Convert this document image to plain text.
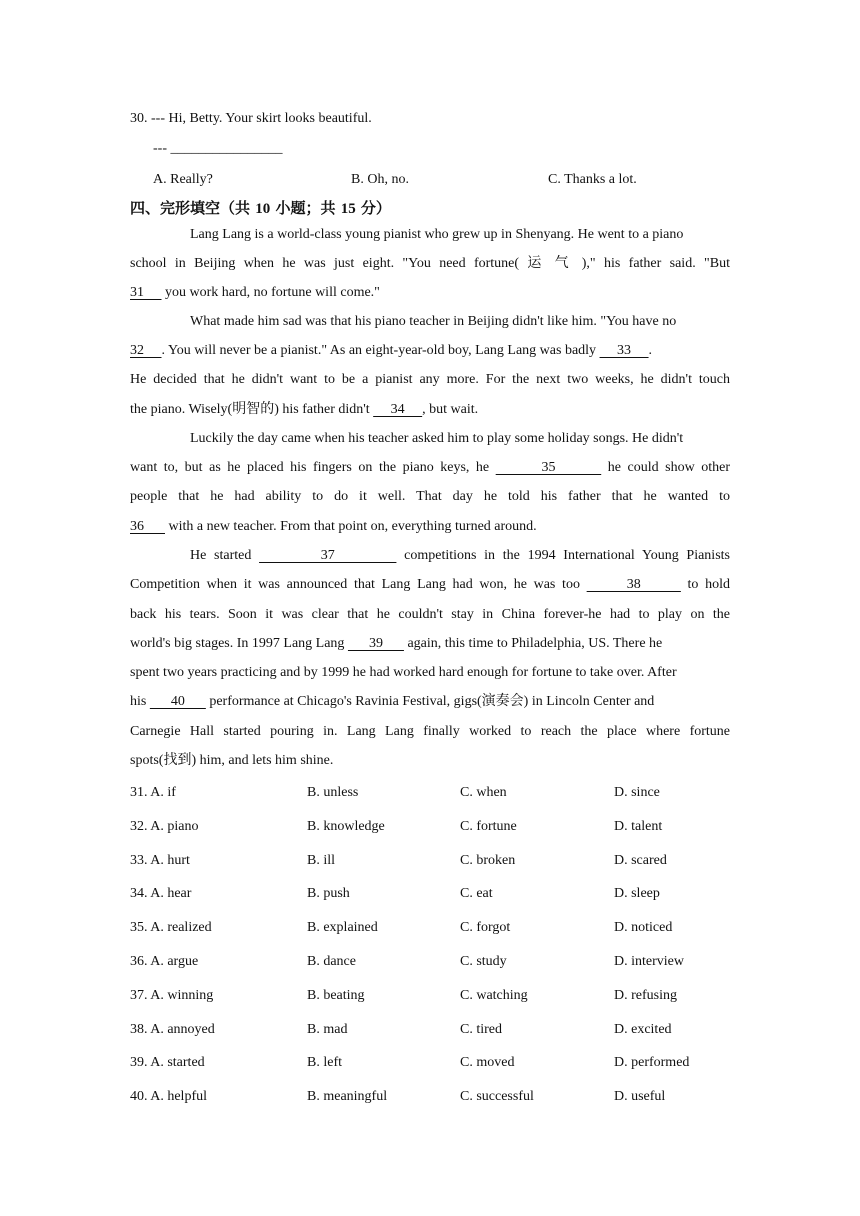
30. --- Hi, Betty. Your skirt looks beautiful.
--- ________________
A. Really?	B. Oh, no.	C. Thanks a lot.
四、完形填空（共 10 小题；共 15 分）
Lang Lang is a world-class young pianist who grew up in Shenyang. He went to a piano
school in Beijing when he was just eight. "You need fortune( 运 气 )," his father said. "But
31      you work hard, no fortune will come."
What made him sad was that his piano teacher in Beijing didn't like him. "You have no
32     . You will never be a pianist." As an eight-year-old boy, Lang Lang was badly      33     .
He decided that he didn't want to be a pianist any more. For the next two weeks, he didn't touch
the piano. Wisely(明智的) his father didn't      34     , but wait.
Luckily the day came when his teacher asked him to play some holiday songs. He didn't
want to, but as he placed his fingers on the piano keys, he        35        he could show other
people that he had ability to do it well. That day he told his father that he wanted to
36       with a new teacher. From that point on, everything turned around.
He started         37         competitions in the 1994 International Young Pianists
Competition when it was announced that Lang Lang had won, he was too       38       to hold
back his tears. Soon it was clear that he couldn't stay in China forever-he had to play on the
world's big stages. In 1997 Lang Lang       39       again, this time to Philadelphia, US. There he
spent two years practicing and by 1999 he had worked hard enough for fortune to take over. After
his       40       performance at Chicago's Ravinia Festival, gigs(演奏会) in Lincoln Center and
Carnegie Hall started pouring in. Lang Lang finally worked to reach the place where fortune
spots(找到) him, and lets him shine.
31. A. if	B. unless	C. when	D. since
32. A. piano	B. knowledge	C. fortune	D. talent
33. A. hurt	B. ill	C. broken	D. scared
34. A. hear	B. push	C. eat	D. sleep
35. A. realized	B. explained	C. forgot	D. noticed
36. A. argue	B. dance	C. study	D. interview
37. A. winning	B. beating	C. watching	D. refusing
38. A. annoyed	B. mad	C. tired	D. excited
39. A. started	B. left	C. moved	D. performed
40. A. helpful	B. meaningful	C. successful	D. useful
